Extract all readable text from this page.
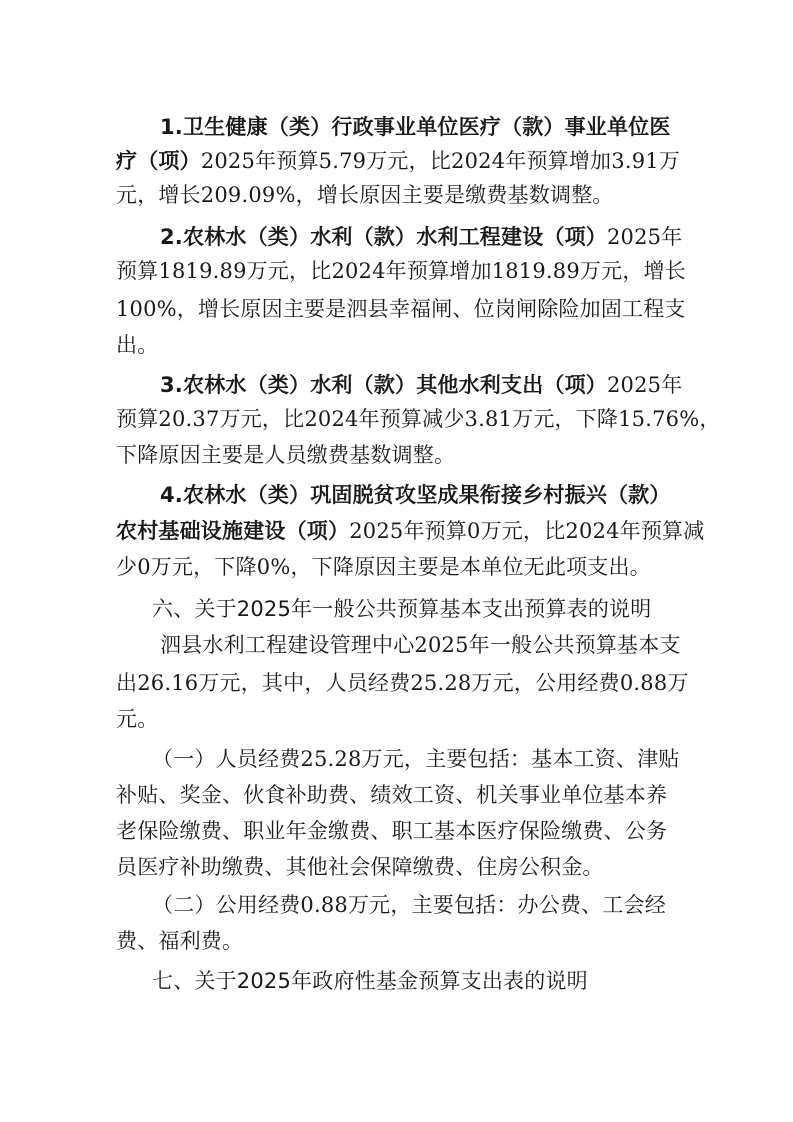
1.卫生健康（类）行政事业单位医疗（款）事业单位医
疗（项）2025年预算5.79万元，比2024年预算增加3.91万
元，增长209.09%，增长原因主要是缴费基数调整。
2.农林水（类）水利（款）水利工程建设（项）2025年
预算1819.89万元，比2024年预算增加1819.89万元，增长
100%，增长原因主要是泗县幸福闸、位岗闸除险加固工程支
出。
3.农林水（类）水利（款）其他水利支出（项）2025年
预算20.37万元，比2024年预算减少3.81万元，下降15.76%，
下降原因主要是人员缴费基数调整。
4.农林水（类）巩固脱贫攻坚成果衔接乡村振兴（款）
农村基础设施建设（项）2025年预算0万元，比2024年预算减
少0万元，下降0%，下降原因主要是本单位无此项支出。
六、关于2025年一般公共预算基本支出预算表的说明
泗县水利工程建设管理中心2025年一般公共预算基本支
出26.16万元，其中，人员经费25.28万元，公用经费0.88万
元。
（一）人员经费25.28万元，主要包括：基本工资、津贴
补贴、奖金、伙食补助费、绩效工资、机关事业单位基本养
老保险缴费、职业年金缴费、职工基本医疗保险缴费、公务
员医疗补助缴费、其他社会保障缴费、住房公积金。
（二）公用经费0.88万元，主要包括：办公费、工会经
费、福利费。
七、关于2025年政府性基金预算支出表的说明
